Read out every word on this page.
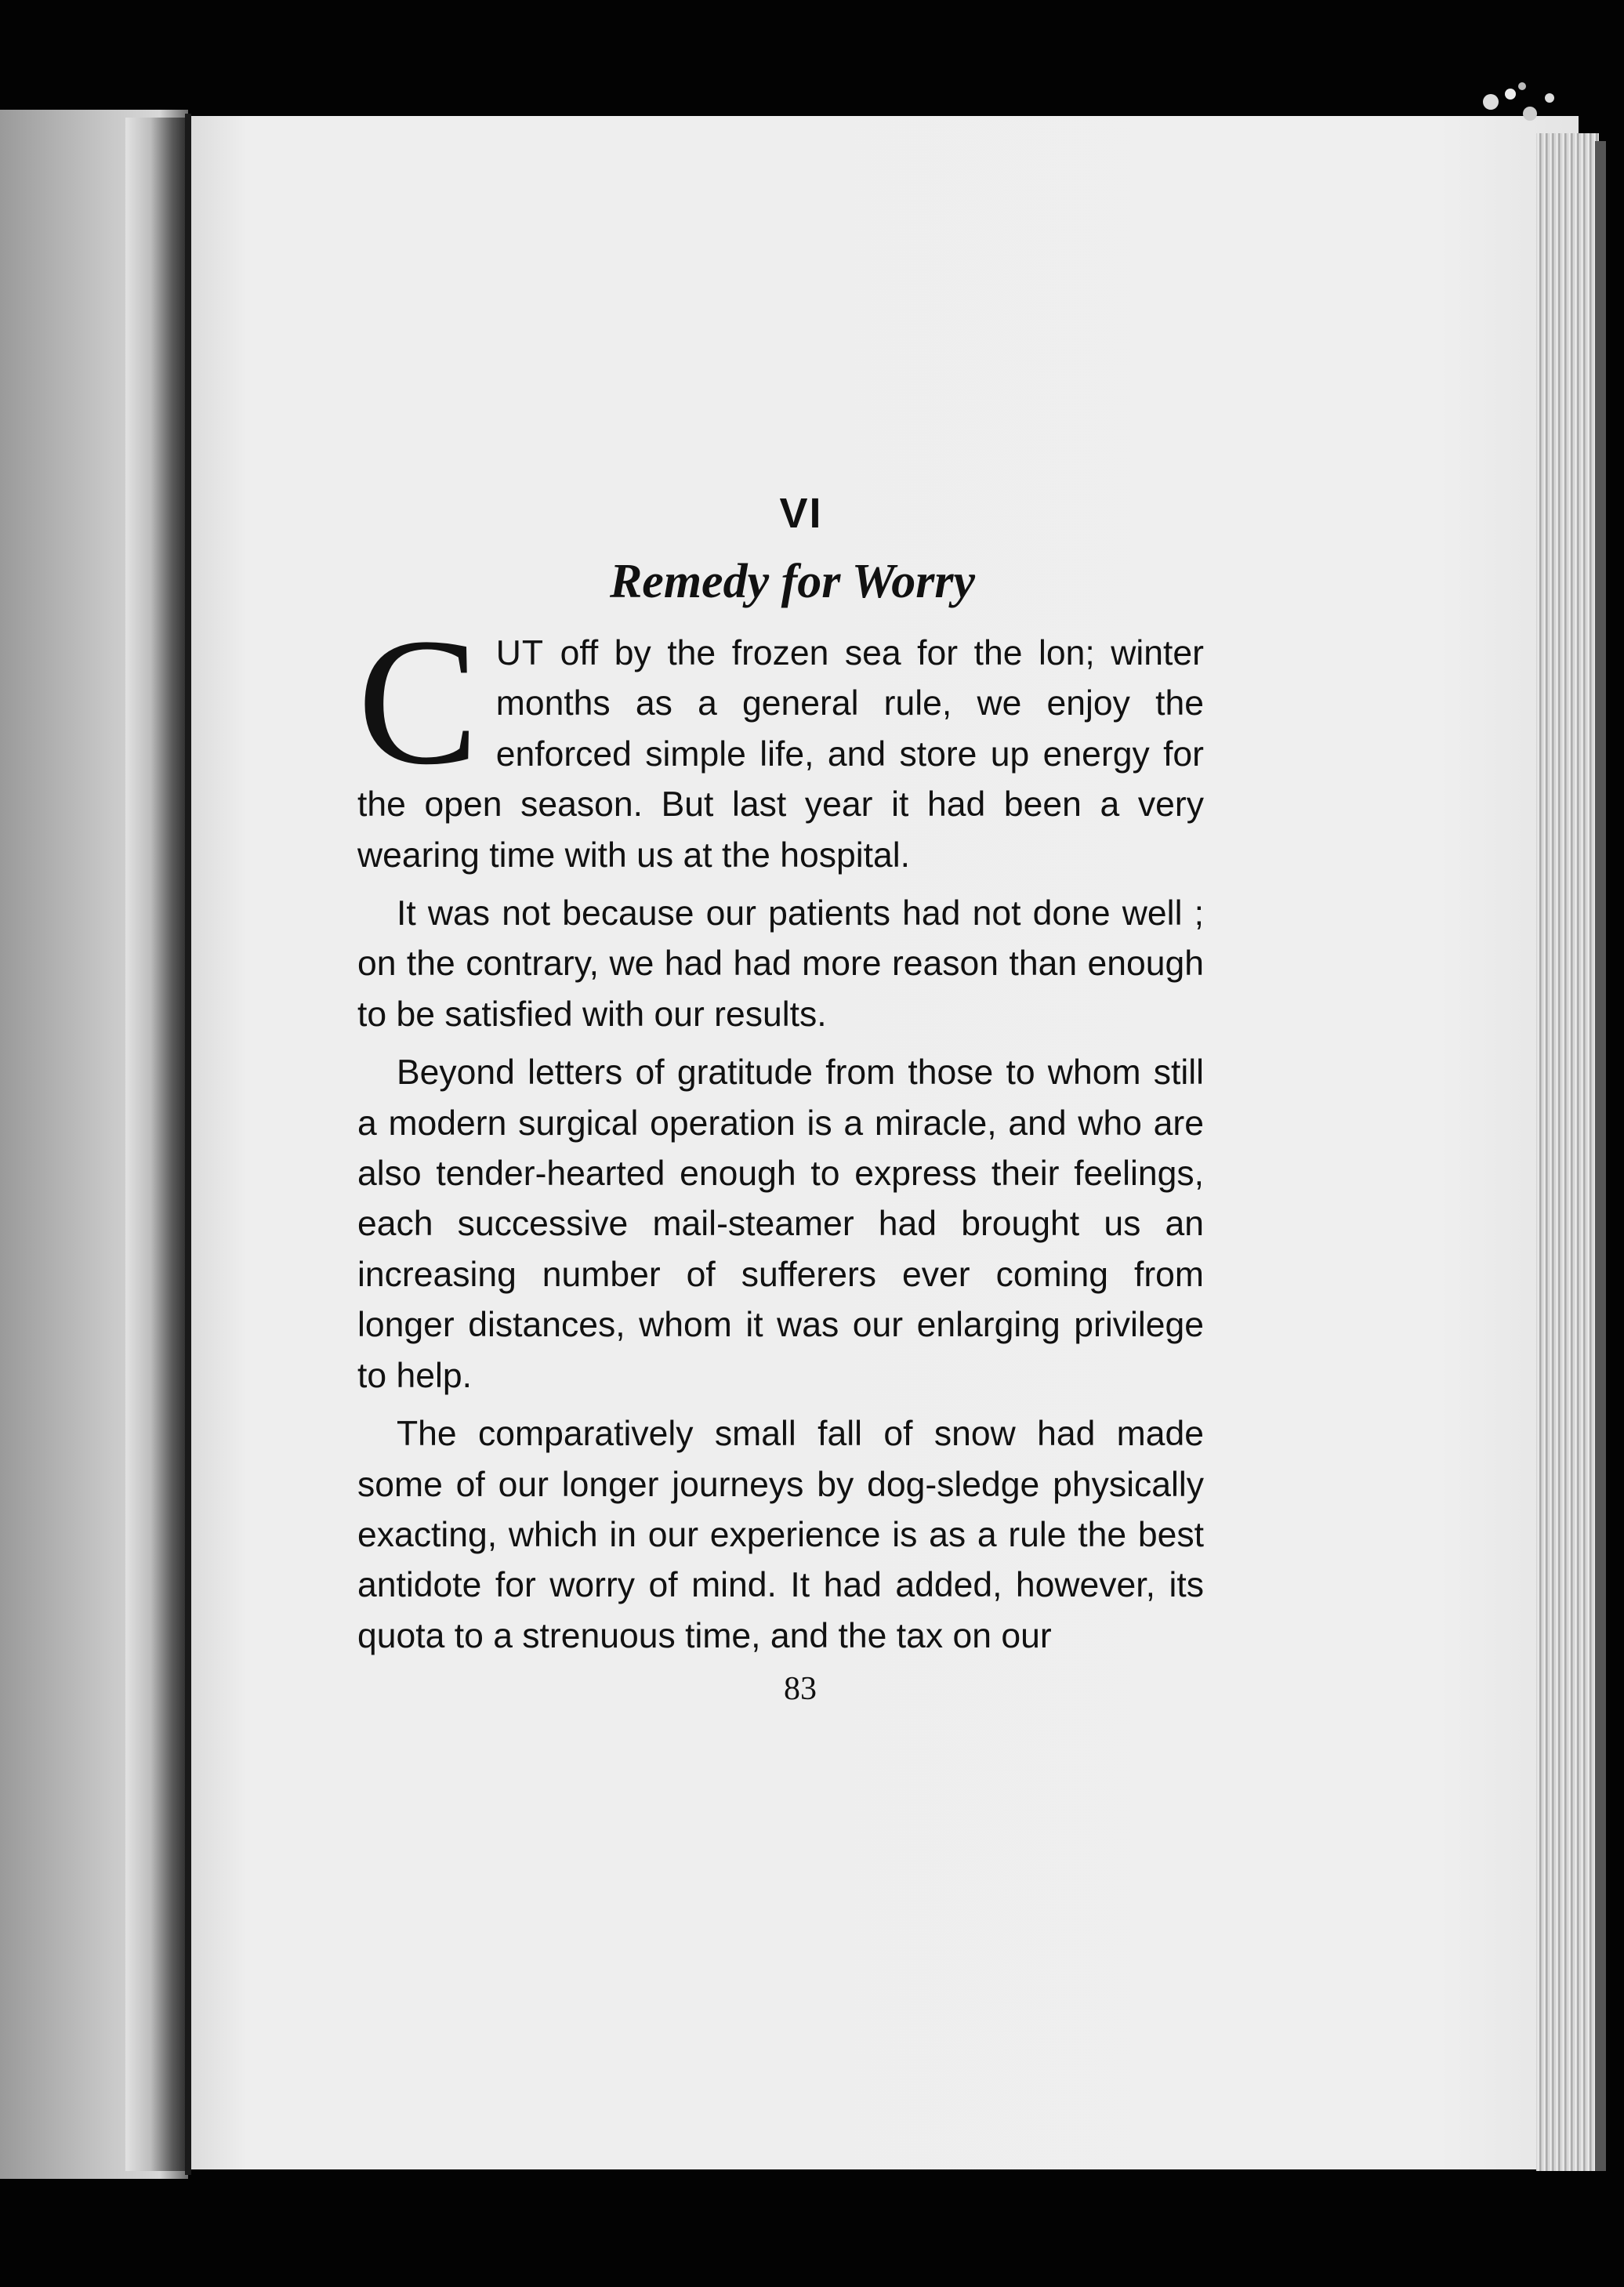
VI
Remedy for Worry

CUT off by the frozen sea for the lon; winter months as a general rule, we enjoy the enforced simple life, and store up energy for the open season. But last year it had been a very wearing time with us at the hospital.

It was not because our patients had not done well ; on the contrary, we had had more reason than enough to be satisfied with our results.

Beyond letters of gratitude from those to whom still a modern surgical operation is a miracle, and who are also tender-hearted enough to express their feelings, each successive mail-steamer had brought us an increasing number of sufferers ever coming from longer distances, whom it was our enlarging privilege to help.

The comparatively small fall of snow had made some of our longer journeys by dog-sledge physically exacting, which in our experience is as a rule the best antidote for worry of mind. It had added, however, its quota to a strenuous time, and the tax on our

83
